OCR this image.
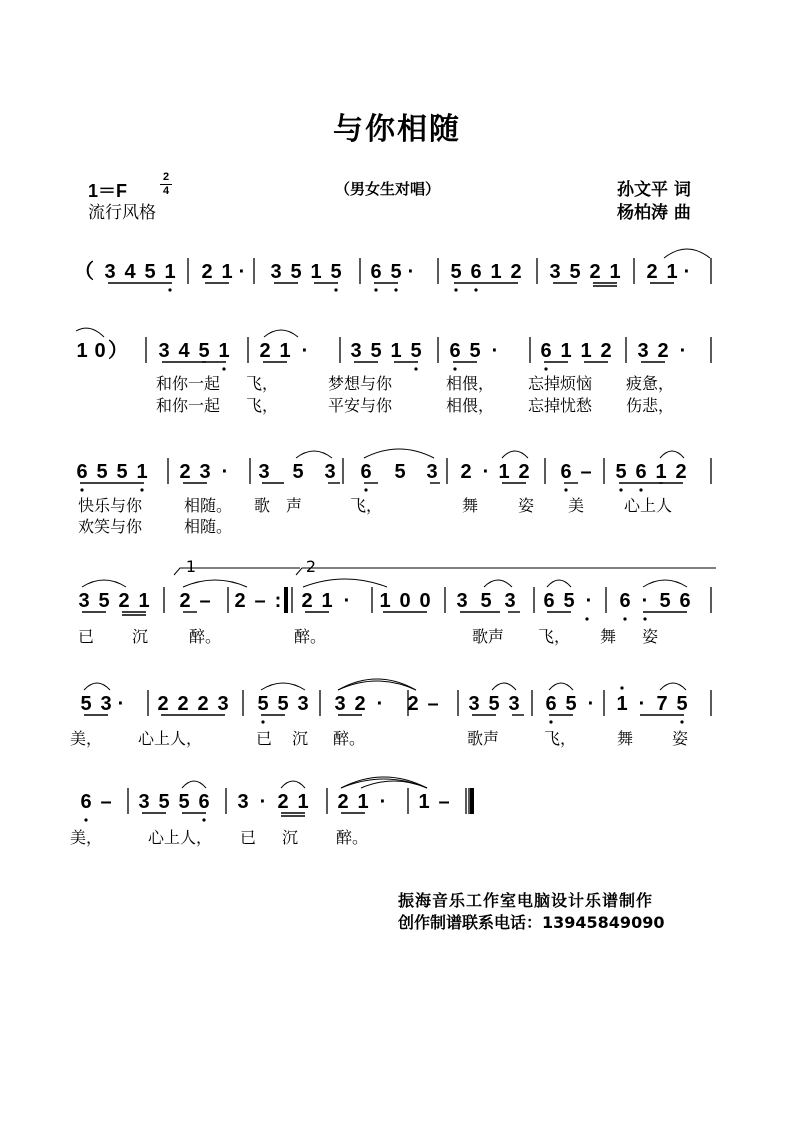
与你相随
1＝F
2
4
流行风格
（男女生对唱）	孙文平 词
杨柏涛 曲
（ 3 4 5 1 2 1 · 3 5 1 5 6 5 · 5 6 1 2 3 5 2 1 2 1 ·
1 0 ） 3 4 5 1 2 1 · 3 5 1 5 6 5 · 6 1 1 2 3 2 ·
6 5 5 1 2 3 · 3 5 3 6 5 3 2 · 1 2 6 – 5 6 1 2
3 5 2 1 2 – 2 – : 2 1 · 1 0 0 3 5 3 6 5 · 6 · 5 6
5 3 · 2 2 2 3 5 5 3 3 2 · 2 – 3 5 3 6 5 · 1 · 7 5
6 – 3 5 5 6 3 · 2 1 2 1 · 1 –
1	2
和你一起 飞，	梦想与你	相偎， 忘掉烦恼 疲惫，
和你一起 飞，	平安与你	相偎， 忘掉忧愁 伤悲，
快乐与你	相随。 歌 声	飞，	舞 姿 美 心上人
欢笑与你	相随。
已 沉	醉。	醉。	歌声 飞， 舞 姿
美， 心上人，	已 沉 醉。	歌声	飞，	舞 姿
美，	心上人， 已 沉 醉。
振海音乐工作室电脑设计乐谱制作
创作制谱联系电话：13945849090
